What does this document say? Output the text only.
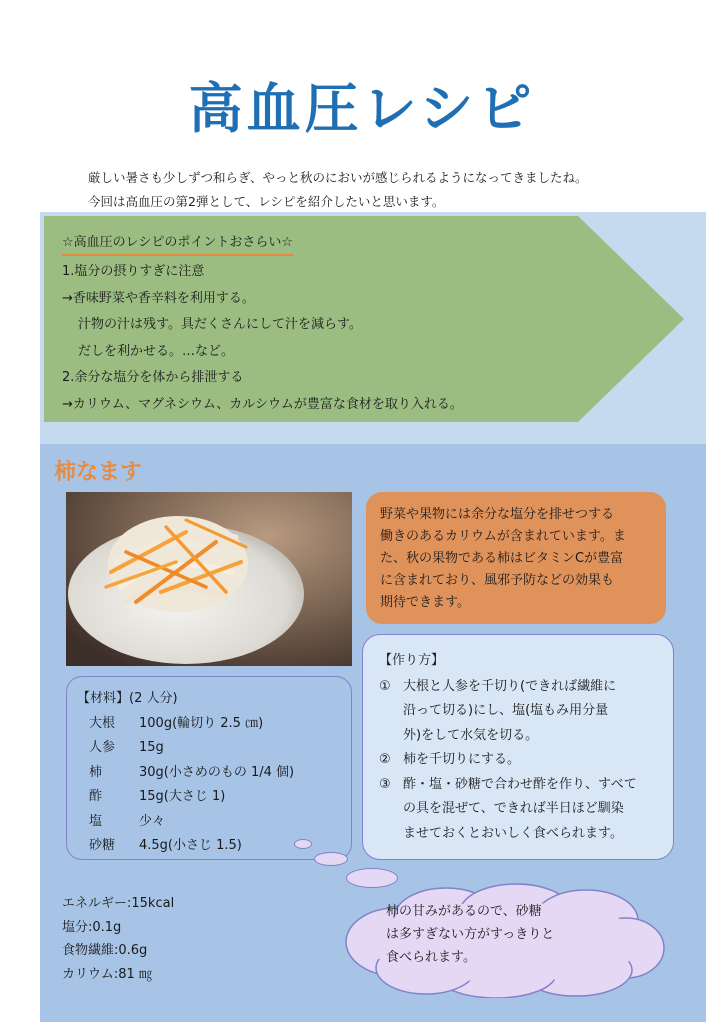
高血圧レシピ

厳しい暑さも少しずつ和らぎ、やっと秋のにおいが感じられるようになってきましたね。

今回は高血圧の第2弾として、レシピを紹介したいと思います。

☆高血圧のレシピのポイントおさらい☆
1.塩分の摂りすぎに注意
→香味野菜や香辛料を利用する。
汁物の汁は残す。具だくさんにして汁を減らす。
だしを利かせる。…など。
2.余分な塩分を体から排泄する
→カリウム、マグネシウム、カルシウムが豊富な食材を取り入れる。
柿なます

野菜や果物には余分な塩分を排せつする

働きのあるカリウムが含まれています。ま

た、秋の果物である柿はビタミンCが豊富

に含まれており、風邪予防などの効果も

期待できます。

【作り方】
① 大根と人参を千切り(できれば繊維に
沿って切る)にし、塩(塩もみ用分量
外)をして水気を切る。
② 柿を千切りにする。
③ 酢・塩・砂糖で合わせ酢を作り、すべて
の具を混ぜて、できれば半日ほど馴染
ませておくとおいしく食べられます。
【材料】(2 人分)
大根	100g(輪切り 2.5 ㎝)
人参	15g
柿	30g(小さめのもの 1/4 個)
酢	15g(大さじ 1)
塩	少々
砂糖	4.5g(小さじ 1.5)
エネルギー:15kcal
塩分:0.1g
食物繊維:0.6g
カリウム:81 ㎎

柿の甘みがあるので、砂糖

は多すぎない方がすっきりと

食べられます。
